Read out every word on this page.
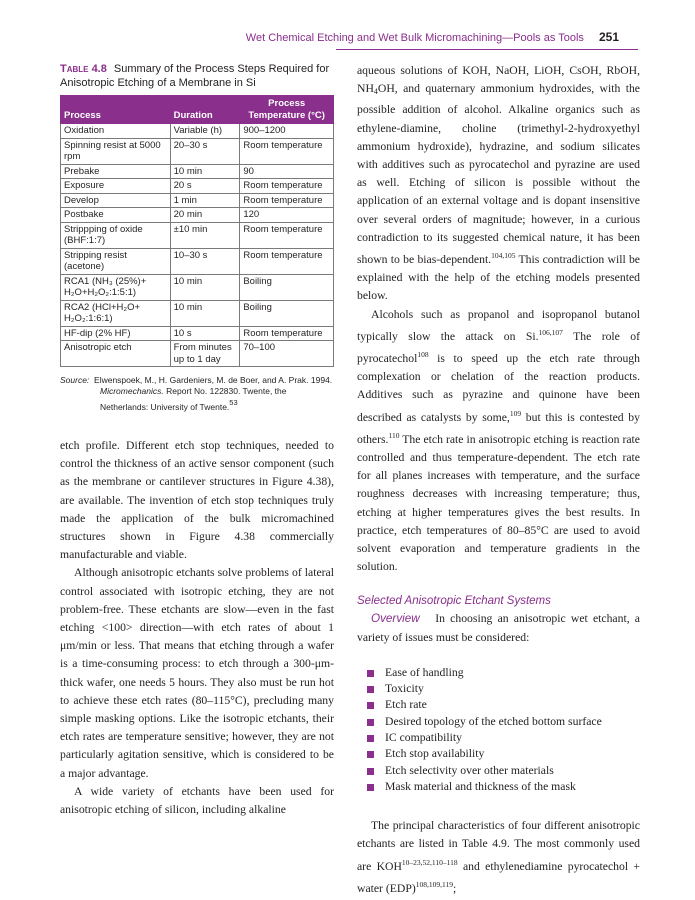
Wet Chemical Etching and Wet Bulk Micromachining—Pools as Tools 251
Table 4.8 Summary of the Process Steps Required for Anisotropic Etching of a Membrane in Si
Process	Duration	Process Temperature (°C)
Oxidation	Variable (h)	900–1200
Spinning resist at 5000 rpm	20–30 s	Room temperature
Prebake	10 min	90
Exposure	20 s	Room temperature
Develop	1 min	Room temperature
Postbake	20 min	120
Strippping of oxide (BHF:1:7)	±10 min	Room temperature
Stripping resist (acetone)	10–30 s	Room temperature
RCA1 (NH₃ (25%)+ H₂O+H₂O₂:1:5:1)	10 min	Boiling
RCA2 (HCl+H₂O+ H₂O₂:1:6:1)	10 min	Boiling
HF-dip (2% HF)	10 s	Room temperature
Anisotropic etch	From minutes up to 1 day	70–100
Source: Elwenspoek, M., H. Gardeniers, M. de Boer, and A. Prak. 1994. Micromechanics. Report No. 122830. Twente, the Netherlands: University of Twente.53

etch profile. Different etch stop techniques, needed to control the thickness of an active sensor component (such as the membrane or cantilever structures in Figure 4.38), are available. The invention of etch stop techniques truly made the application of the bulk micromachined structures shown in Figure 4.38 commercially manufacturable and viable.

Although anisotropic etchants solve problems of lateral control associated with isotropic etching, they are not problem-free. These etchants are slow—even in the fast etching <100> direction—with etch rates of about 1 μm/min or less. That means that etching through a wafer is a time-consuming process: to etch through a 300-μm-thick wafer, one needs 5 hours. They also must be run hot to achieve these etch rates (80–115°C), precluding many simple masking options. Like the isotropic etchants, their etch rates are temperature sensitive; however, they are not particularly agitation sensitive, which is considered to be a major advantage.

A wide variety of etchants have been used for anisotropic etching of silicon, including alkaline

aqueous solutions of KOH, NaOH, LiOH, CsOH, RbOH, $NH_4OH$, and quaternary ammonium hydroxides, with the possible addition of alcohol. Alkaline organics such as ethylene-diamine, choline (trimethyl-2-hydroxyethyl ammonium hydroxide), hydrazine, and sodium silicates with additives such as pyrocatechol and pyrazine are used as well. Etching of silicon is possible without the application of an external voltage and is dopant insensitive over several orders of magnitude; however, in a curious contradiction to its suggested chemical nature, it has been shown to be bias-dependent.$^{104,105}$ This contradiction will be explained with the help of the etching models presented below.

Alcohols such as propanol and isopropanol butanol typically slow the attack on Si.$^{106,107}$ The role of pyrocatechol$^{108}$ is to speed up the etch rate through complexation or chelation of the reaction products. Additives such as pyrazine and quinone have been described as catalysts by some,$^{109}$ but this is contested by others.$^{110}$ The etch rate in anisotropic etching is reaction rate controlled and thus temperature-dependent. The etch rate for all planes increases with temperature, and the surface roughness decreases with increasing temperature; thus, etching at higher temperatures gives the best results. In practice, etch temperatures of 80–85°C are used to avoid solvent evaporation and temperature gradients in the solution.

Selected Anisotropic Etchant Systems

Overview In choosing an anisotropic wet etchant, a variety of issues must be considered:

Ease of handling
Toxicity
Etch rate
Desired topology of the etched bottom surface
IC compatibility
Etch stop availability
Etch selectivity over other materials
Mask material and thickness of the mask

The principal characteristics of four different anisotropic etchants are listed in Table 4.9. The most commonly used are KOH$^{10-23,52,110-118}$ and ethylenediamine pyrocatechol + water (EDP)$^{108,109,119}$;
